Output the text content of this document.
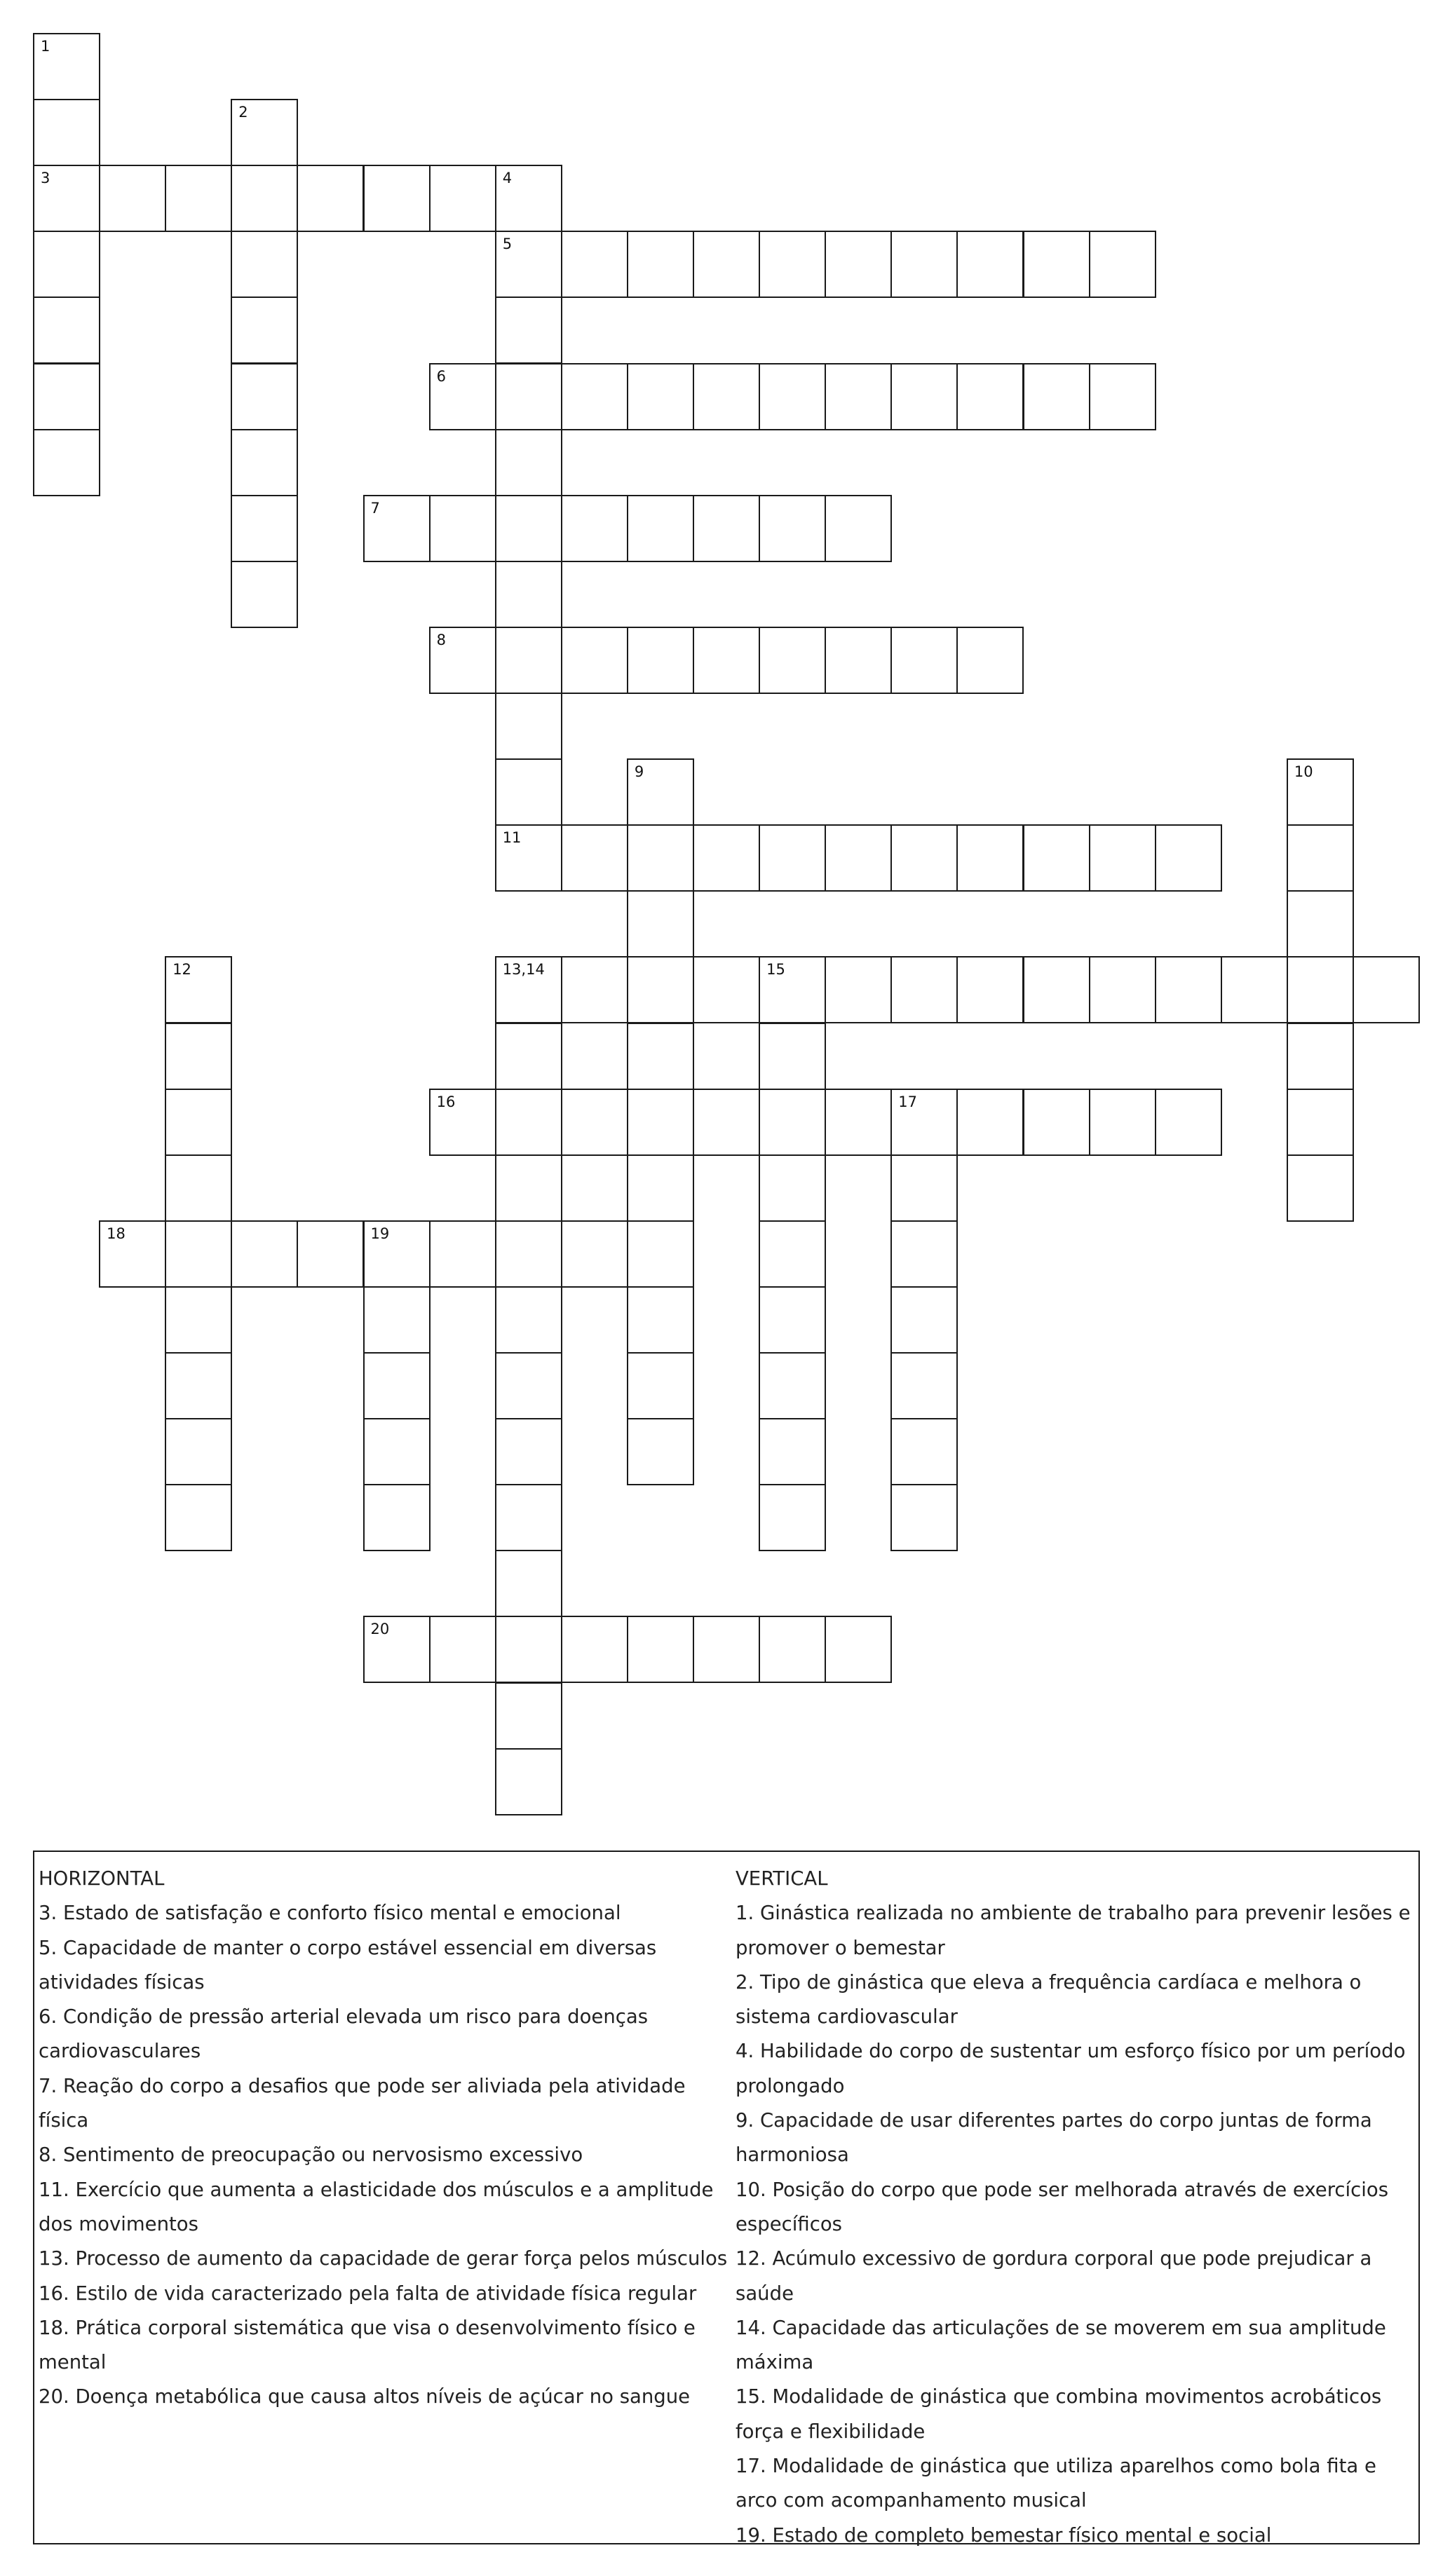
1
3
2
4
5
6
7
8
9	10
11
12	13,14	15
16	17
18	19
20
HORIZONTAL
3. Estado de satisfação e conforto físico mental e emocional
5. Capacidade de manter o corpo estável essencial em diversas atividades físicas
6. Condição de pressão arterial elevada um risco para doenças cardiovasculares
7. Reação do corpo a desafios que pode ser aliviada pela atividade física
8. Sentimento de preocupação ou nervosismo excessivo
11. Exercício que aumenta a elasticidade dos músculos e a amplitude dos movimentos
13. Processo de aumento da capacidade de gerar força pelos músculos
16. Estilo de vida caracterizado pela falta de atividade física regular
18. Prática corporal sistemática que visa o desenvolvimento físico e mental
20. Doença metabólica que causa altos níveis de açúcar no sangue
VERTICAL
1. Ginástica realizada no ambiente de trabalho para prevenir lesões e promover o bemestar
2. Tipo de ginástica que eleva a frequência cardíaca e melhora o sistema cardiovascular
4. Habilidade do corpo de sustentar um esforço físico por um período prolongado
9. Capacidade de usar diferentes partes do corpo juntas de forma harmoniosa
10. Posição do corpo que pode ser melhorada através de exercícios específicos
12. Acúmulo excessivo de gordura corporal que pode prejudicar a saúde
14. Capacidade das articulações de se moverem em sua amplitude máxima
15. Modalidade de ginástica que combina movimentos acrobáticos força e flexibilidade
17. Modalidade de ginástica que utiliza aparelhos como bola fita e arco com acompanhamento musical
19. Estado de completo bemestar físico mental e social
